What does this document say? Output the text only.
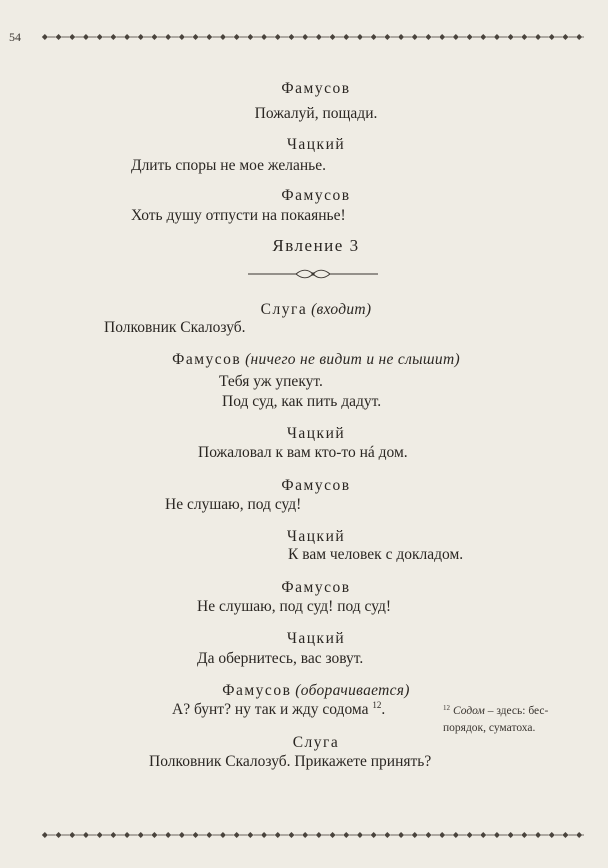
54
Фамусов
Пожалуй, пощади.
Чацкий
Длить споры не мое желанье.
Фамусов
Хоть душу отпусти на покаянье!
Явление 3
Слуга (входит)
Полковник Скалозуб.
Фамусов (ничего не видит и не слышит)
Тебя уж упекут.
Под суд, как пить дадут.
Чацкий
Пожаловал к вам кто-то нá дом.
Фамусов
Не слушаю, под суд!
Чацкий
К вам человек с докладом.
Фамусов
Не слушаю, под суд! под суд!
Чацкий
Да обернитесь, вас зовут.
Фамусов (оборачивается)
А? бунт? ну так и жду содома $^{12}$.
Слуга
Полковник Скалозуб. Прикажете принять?
$^{12}$ Содом – здесь: бес-
порядок, суматоха.
